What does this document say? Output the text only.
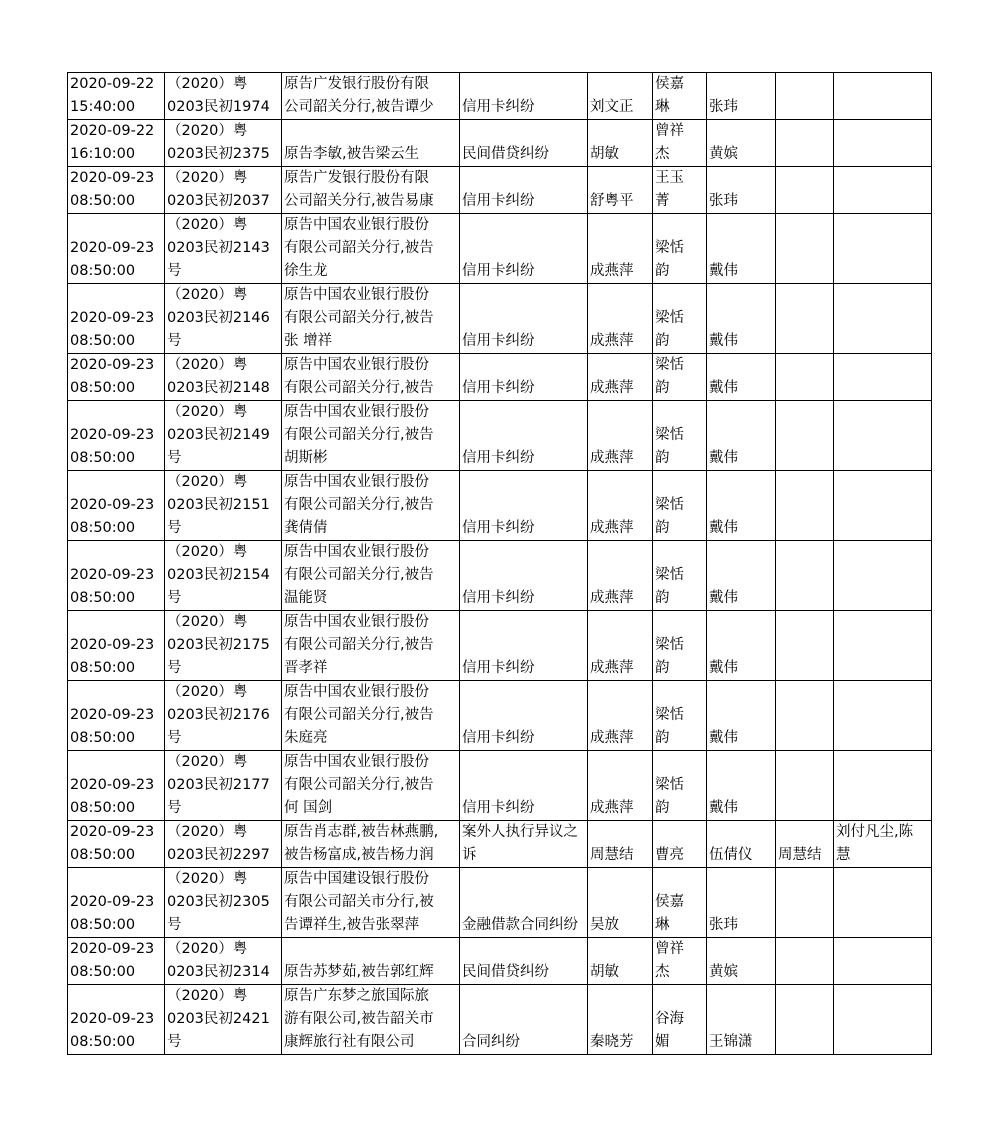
2020-09-22
15:40:00	（2020）粤
0203民初1974	原告广发银行股份有限
公司韶关分行,被告谭少	信用卡纠纷	刘文正	侯嘉
琳	张玮		

2020-09-22
16:10:00	（2020）粤
0203民初2375	原告李敏,被告梁云生	民间借贷纠纷	胡敏	曾祥
杰	黄嫔		

2020-09-23
08:50:00	（2020）粤
0203民初2037	原告广发银行股份有限
公司韶关分行,被告易康	信用卡纠纷	舒粤平	王玉
菁	张玮		

2020-09-23
08:50:00	（2020）粤
0203民初2143
号	原告中国农业银行股份
有限公司韶关分行,被告
徐生龙	信用卡纠纷	成燕萍	梁恬
韵	戴伟		

2020-09-23
08:50:00	（2020）粤
0203民初2146
号	原告中国农业银行股份
有限公司韶关分行,被告
张 增祥	信用卡纠纷	成燕萍	梁恬
韵	戴伟		

2020-09-23
08:50:00	（2020）粤
0203民初2148	原告中国农业银行股份
有限公司韶关分行,被告	信用卡纠纷	成燕萍	梁恬
韵	戴伟		

2020-09-23
08:50:00	（2020）粤
0203民初2149
号	原告中国农业银行股份
有限公司韶关分行,被告
胡斯彬	信用卡纠纷	成燕萍	梁恬
韵	戴伟		

2020-09-23
08:50:00	（2020）粤
0203民初2151
号	原告中国农业银行股份
有限公司韶关分行,被告
龚倩倩	信用卡纠纷	成燕萍	梁恬
韵	戴伟		

2020-09-23
08:50:00	（2020）粤
0203民初2154
号	原告中国农业银行股份
有限公司韶关分行,被告
温能贤	信用卡纠纷	成燕萍	梁恬
韵	戴伟		

2020-09-23
08:50:00	（2020）粤
0203民初2175
号	原告中国农业银行股份
有限公司韶关分行,被告
晋孝祥	信用卡纠纷	成燕萍	梁恬
韵	戴伟		

2020-09-23
08:50:00	（2020）粤
0203民初2176
号	原告中国农业银行股份
有限公司韶关分行,被告
朱庭亮	信用卡纠纷	成燕萍	梁恬
韵	戴伟		

2020-09-23
08:50:00	（2020）粤
0203民初2177
号	原告中国农业银行股份
有限公司韶关分行,被告
何 国剑	信用卡纠纷	成燕萍	梁恬
韵	戴伟		

2020-09-23
08:50:00	（2020）粤
0203民初2297	原告肖志群,被告林燕鹏,
被告杨富成,被告杨力润	案外人执行异议之诉	周慧结	曹亮	伍倩仪	周慧结	刘付凡尘,陈
慧

2020-09-23
08:50:00	（2020）粤
0203民初2305
号	原告中国建设银行股份
有限公司韶关市分行,被
告谭祥生,被告张翠萍	金融借款合同纠纷	吴放	侯嘉
琳	张玮		

2020-09-23
08:50:00	（2020）粤
0203民初2314	原告苏梦茹,被告郭红辉	民间借贷纠纷	胡敏	曾祥
杰	黄嫔		

2020-09-23
08:50:00	（2020）粤
0203民初2421
号	原告广东梦之旅国际旅
游有限公司,被告韶关市
康辉旅行社有限公司	合同纠纷	秦晓芳	谷海
媚	王锦潇		
